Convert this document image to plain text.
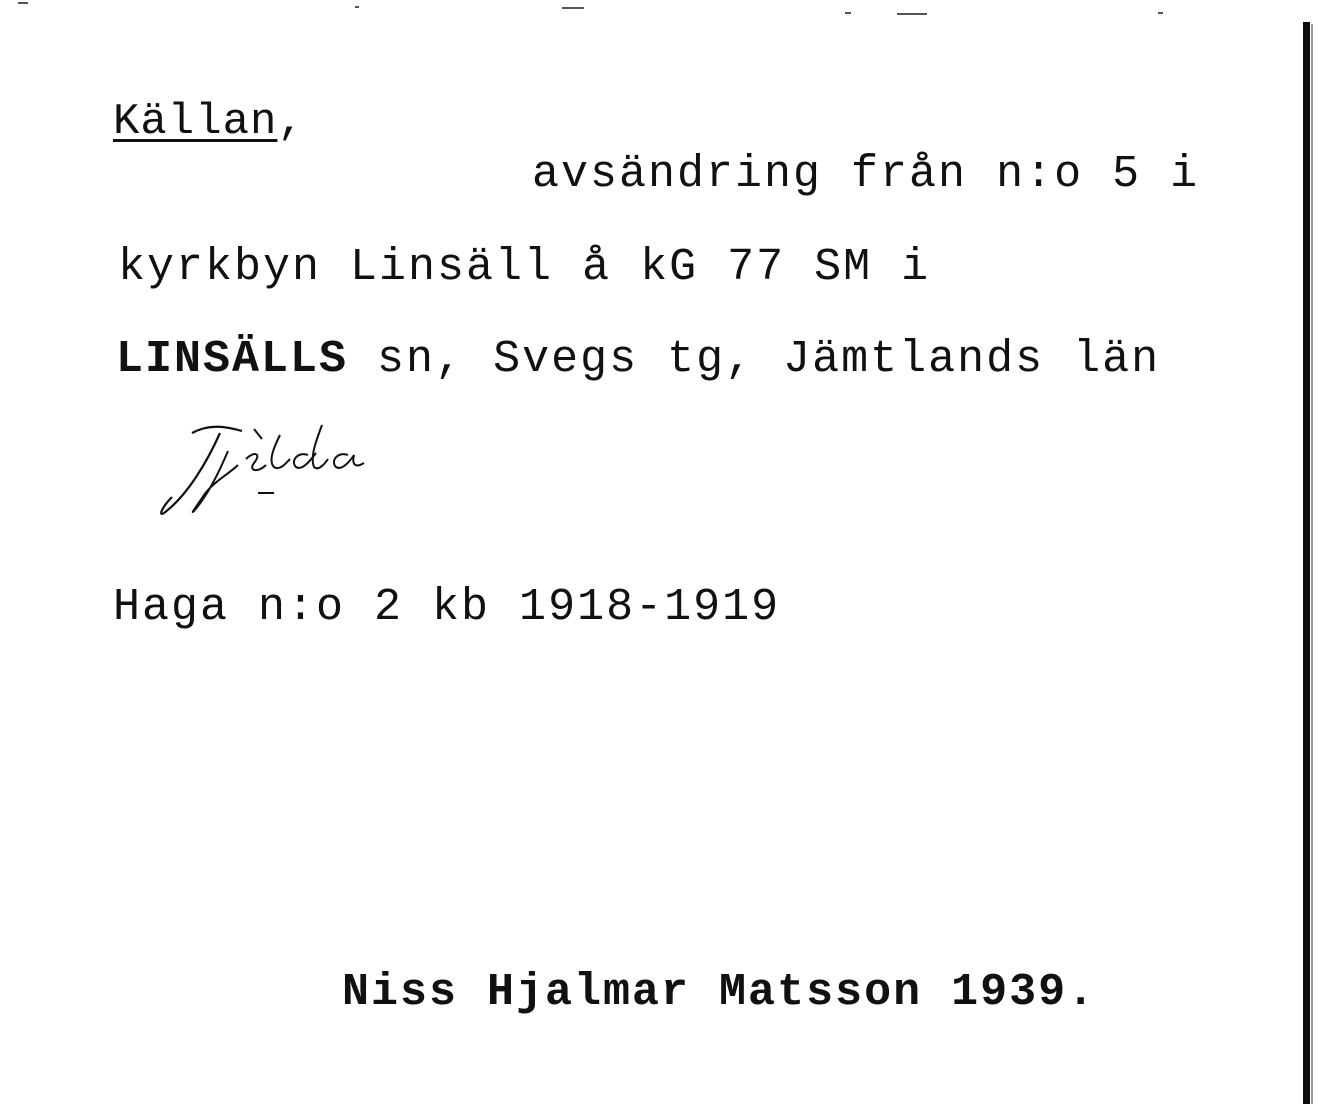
Källan,
avsändring från n:o 5 i
kyrkbyn Linsäll å kG 77 SM i
LINSÄLLS sn, Svegs tg, Jämtlands län
Fjelda
Haga n:o 2 kb 1918-1919
Niss Hjalmar Matsson 1939.
